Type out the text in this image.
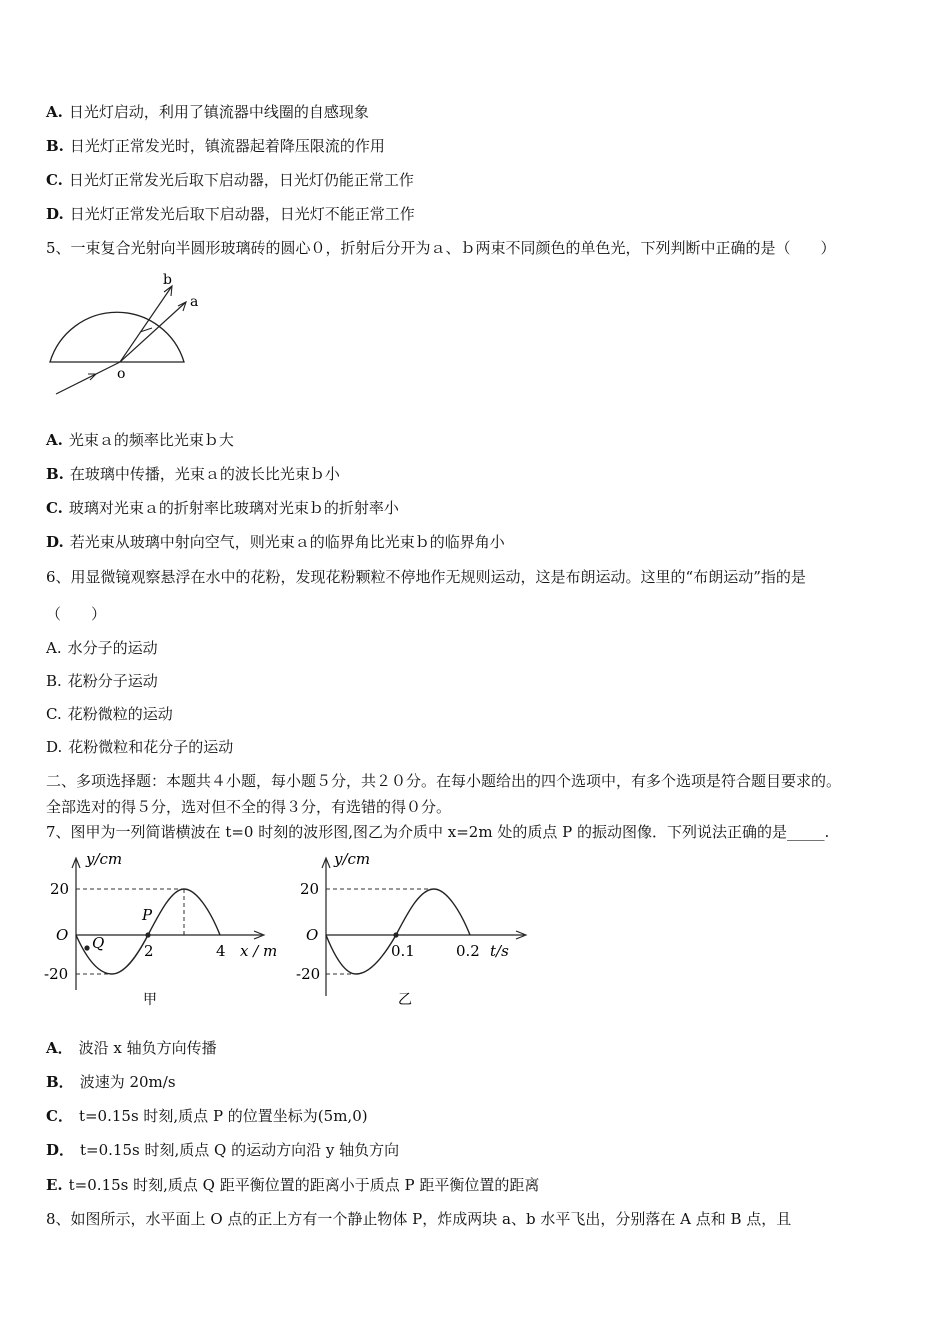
A. 日光灯启动，利用了镇流器中线圈的自感现象
B. 日光灯正常发光时，镇流器起着降压限流的作用
C. 日光灯正常发光后取下启动器，日光灯仍能正常工作
D. 日光灯正常发光后取下启动器，日光灯不能正常工作
5、一束复合光射向半圆形玻璃砖的圆心０，折射后分开为ａ、ｂ两束不同颜色的单色光，下列判断中正确的是（　　）
b
a
o
A. 光束ａ的频率比光束ｂ大
B. 在玻璃中传播，光束ａ的波长比光束ｂ小
C. 玻璃对光束ａ的折射率比玻璃对光束ｂ的折射率小
D. 若光束从玻璃中射向空气，则光束ａ的临界角比光束ｂ的临界角小
6、用显微镜观察悬浮在水中的花粉，发现花粉颗粒不停地作无规则运动，这是布朗运动。这里的“布朗运动”指的是
（　　）
A. 水分子的运动
B. 花粉分子运动
C. 花粉微粒的运动
D. 花粉微粒和花分子的运动
二、多项选择题：本题共４小题，每小题５分，共２０分。在每小题给出的四个选项中，有多个选项是符合题目要求的。
全部选对的得５分，选对但不全的得３分，有选错的得０分。
7、图甲为一列简谐横波在 t=0 时刻的波形图,图乙为介质中 x=2m 处的质点 P 的振动图像．下列说法正确的是_____.
y/cm
20
-20
O Q
P
2	4 x / m
甲
y/cm
20
-20
O
0.1	0.2 t/s
乙
A． 波沿 x 轴负方向传播
B． 波速为 20m/s
C． t=0.15s 时刻,质点 P 的位置坐标为(5m,0)
D． t=0.15s 时刻,质点 Q 的运动方向沿 y 轴负方向
E. t=0.15s 时刻,质点 Q 距平衡位置的距离小于质点 P 距平衡位置的距离
8、如图所示，水平面上 O 点的正上方有一个静止物体 P，炸成两块 a、b 水平飞出，分别落在 A 点和 B 点，且
